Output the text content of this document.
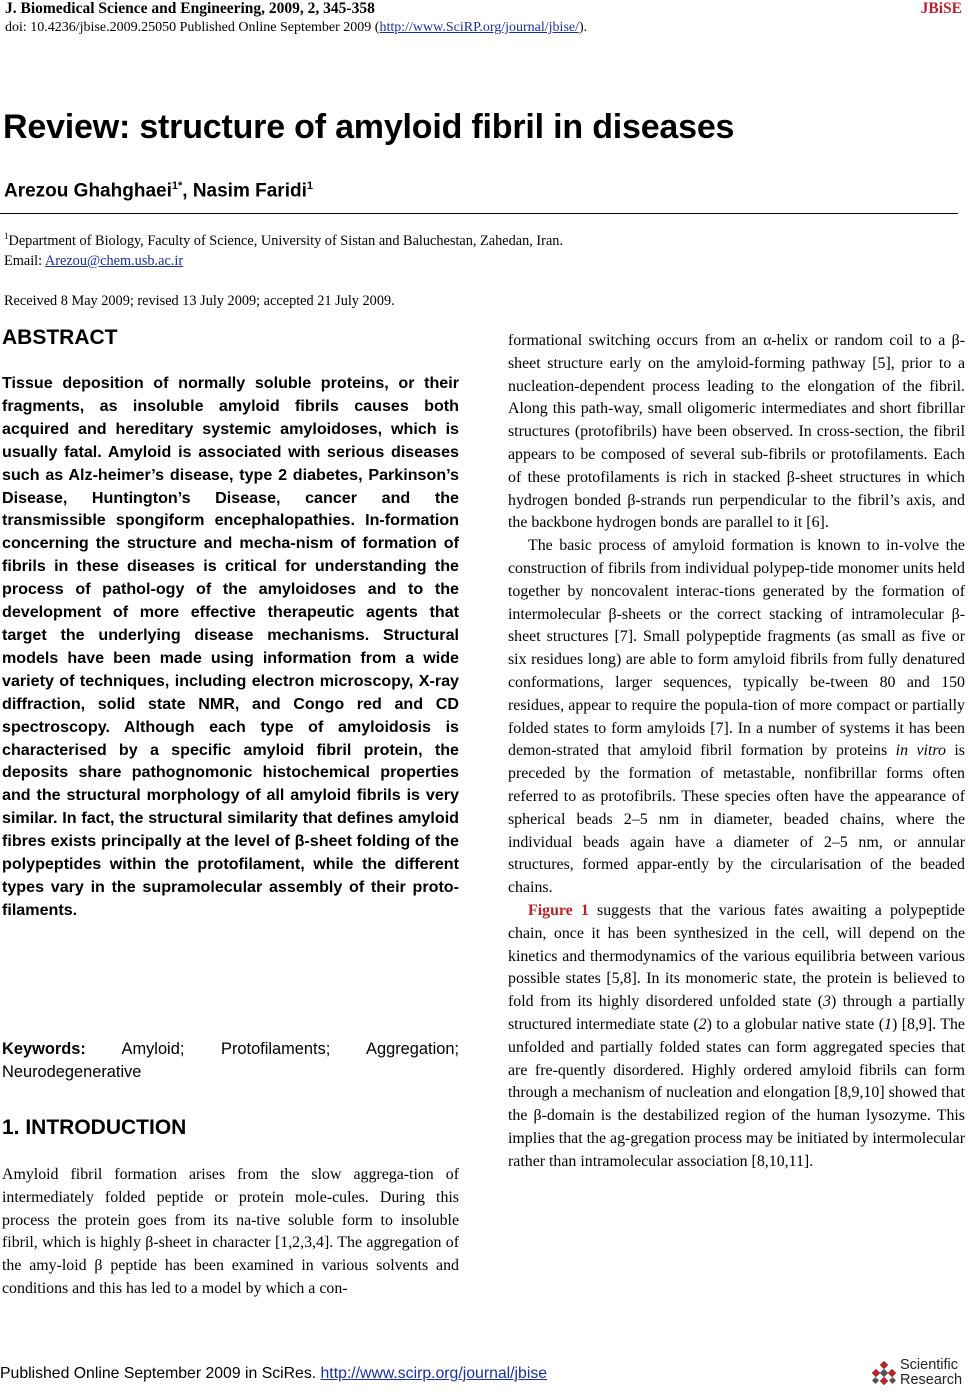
J. Biomedical Science and Engineering, 2009, 2, 345-358	JBiSE
doi: 10.4236/jbise.2009.25050 Published Online September 2009 (http://www.SciRP.org/journal/jbise/).
Review: structure of amyloid fibril in diseases
Arezou Ghahghaei$^{1*}$, Nasim Faridi$^1$
$^1$Department of Biology, Faculty of Science, University of Sistan and Baluchestan, Zahedan, Iran.
Email: Arezou@chem.usb.ac.ir
Received 8 May 2009; revised 13 July 2009; accepted 21 July 2009.
ABSTRACT
Tissue deposition of normally soluble proteins, or their fragments, as insoluble amyloid fibrils causes both acquired and hereditary systemic amyloidoses, which is usually fatal. Amyloid is associated with serious diseases such as Alz-heimer’s disease, type 2 diabetes, Parkinson’s Disease, Huntington’s Disease, cancer and the transmissible spongiform encephalopathies. In-formation concerning the structure and mecha-nism of formation of fibrils in these diseases is critical for understanding the process of pathol-ogy of the amyloidoses and to the development of more effective therapeutic agents that target the underlying disease mechanisms. Structural models have been made using information from a wide variety of techniques, including electron microscopy, X-ray diffraction, solid state NMR, and Congo red and CD spectroscopy. Although each type of amyloidosis is characterised by a specific amyloid fibril protein, the deposits share pathognomonic histochemical properties and the structural morphology of all amyloid fibrils is very similar. In fact, the structural similarity that defines amyloid fibres exists principally at the level of β-sheet folding of the polypeptides within the protofilament, while the different types vary in the supramolecular assembly of their proto-filaments.
Keywords: Amyloid; Protofilaments; Aggregation; Neurodegenerative
1. INTRODUCTION
Amyloid fibril formation arises from the slow aggrega-tion of intermediately folded peptide or protein mole-cules. During this process the protein goes from its na-tive soluble form to insoluble fibril, which is highly β-sheet in character [1,2,3,4]. The aggregation of the amy-loid β peptide has been examined in various solvents and conditions and this has led to a model by which a con-

formational switching occurs from an α-helix or random coil to a β-sheet structure early on the amyloid-forming pathway [5], prior to a nucleation-dependent process leading to the elongation of the fibril. Along this path-way, small oligomeric intermediates and short fibrillar structures (protofibrils) have been observed. In cross-section, the fibril appears to be composed of several sub-fibrils or protofilaments. Each of these protofilaments is rich in stacked β-sheet structures in which hydrogen bonded β-strands run perpendicular to the fibril’s axis, and the backbone hydrogen bonds are parallel to it [6].

The basic process of amyloid formation is known to in-volve the construction of fibrils from individual polypep-tide monomer units held together by noncovalent interac-tions generated by the formation of intermolecular β-sheets or the correct stacking of intramolecular β-sheet structures [7]. Small polypeptide fragments (as small as five or six residues long) are able to form amyloid fibrils from fully denatured conformations, larger sequences, typically be-tween 80 and 150 residues, appear to require the popula-tion of more compact or partially folded states to form amyloids [7]. In a number of systems it has been demon-strated that amyloid fibril formation by proteins in vitro is preceded by the formation of metastable, nonfibrillar forms often referred to as protofibrils. These species often have the appearance of spherical beads 2–5 nm in diameter, beaded chains, where the individual beads again have a diameter of 2–5 nm, or annular structures, formed appar-ently by the circularisation of the beaded chains.

Figure 1 suggests that the various fates awaiting a polypeptide chain, once it has been synthesized in the cell, will depend on the kinetics and thermodynamics of the various equilibria between various possible states [5,8]. In its monomeric state, the protein is believed to fold from its highly disordered unfolded state (3) through a partially structured intermediate state (2) to a globular native state (1) [8,9]. The unfolded and partially folded states can form aggregated species that are fre-quently disordered. Highly ordered amyloid fibrils can form through a mechanism of nucleation and elongation [8,9,10] showed that the β-domain is the destabilized region of the human lysozyme. This implies that the ag-gregation process may be initiated by intermolecular rather than intramolecular association [8,10,11].

Published Online September 2009 in SciRes. http://www.scirp.org/journal/jbise	Scientific
Research
